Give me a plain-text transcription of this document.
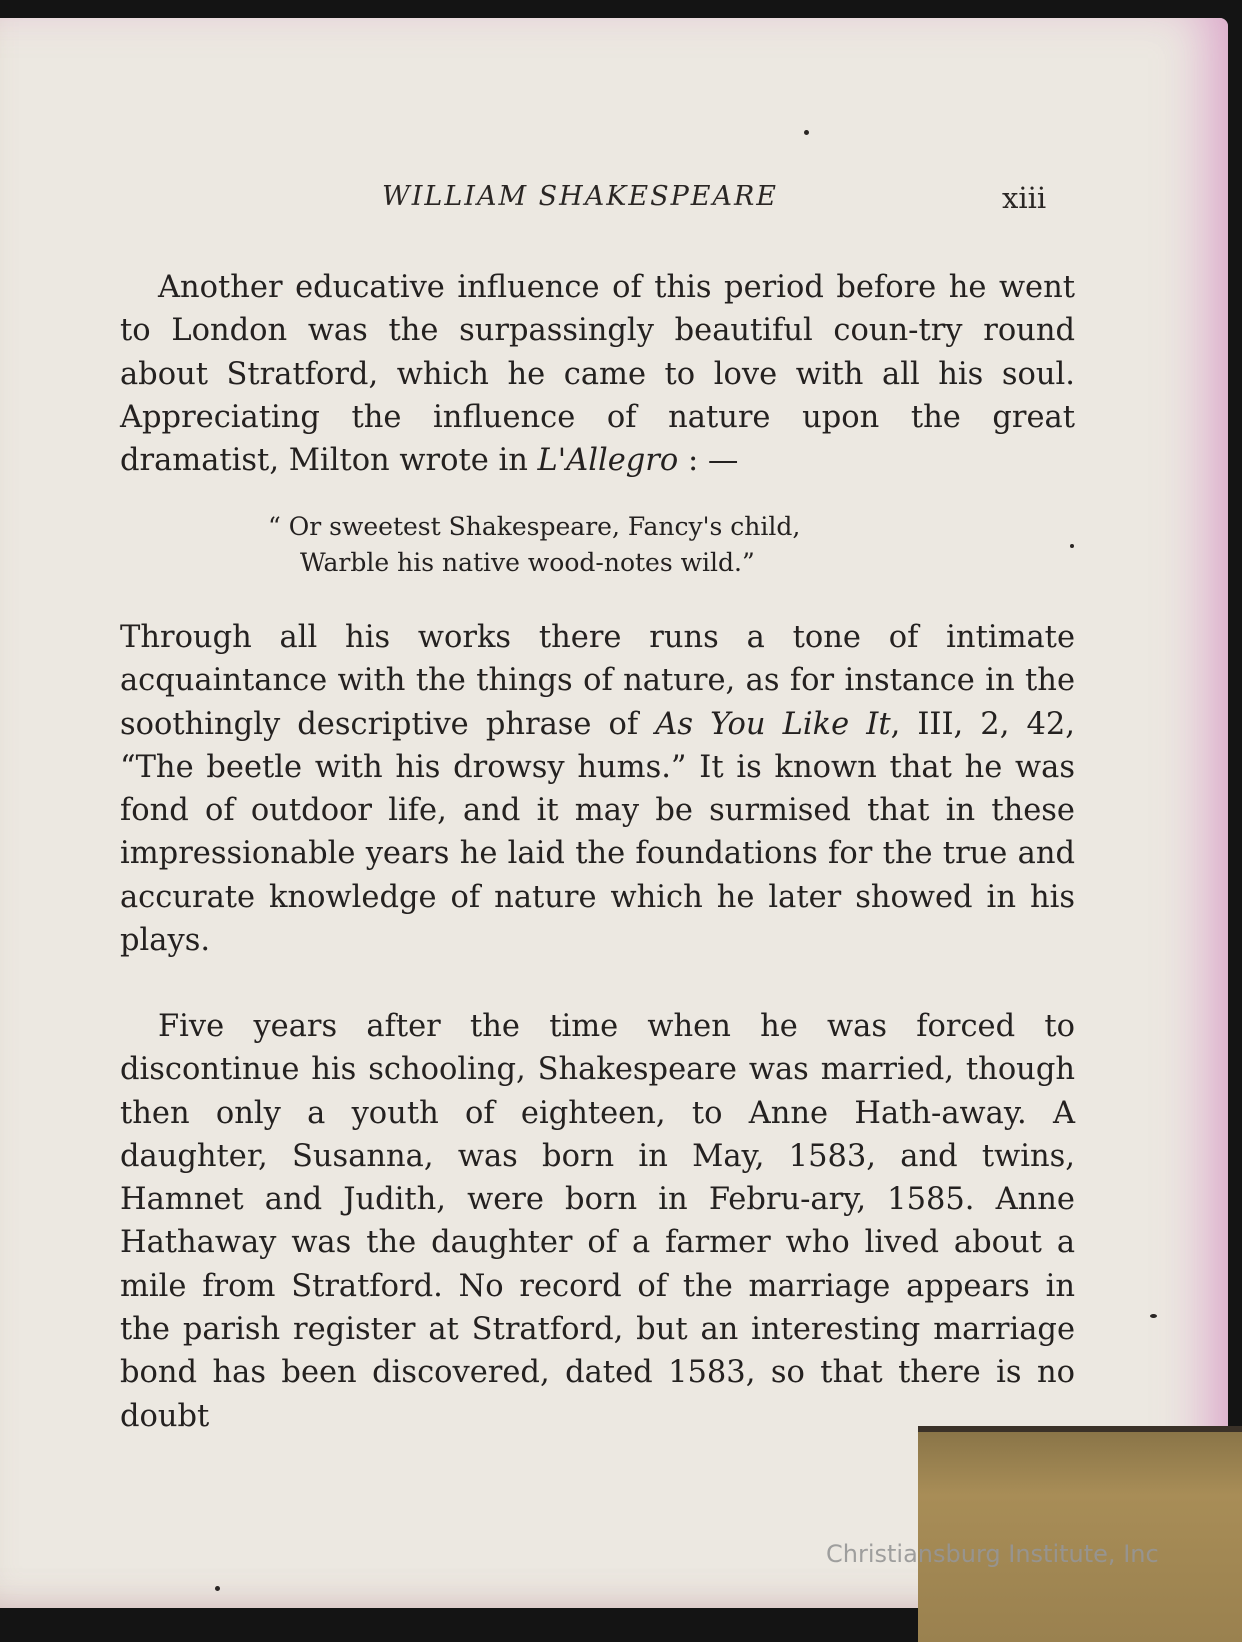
WILLIAM SHAKESPEARE	xiii

Another educative influence of this period before he went to London was the surpassingly beautiful coun-try round about Stratford, which he came to love with all his soul. Appreciating the influence of nature upon the great dramatist, Milton wrote in L'Allegro : —

“ Or sweetest Shakespeare, Fancy's child,
Warble his native wood-notes wild.”

Through all his works there runs a tone of intimate acquaintance with the things of nature, as for instance in the soothingly descriptive phrase of As You Like It, III, 2, 42, “The beetle with his drowsy hums.” It is known that he was fond of outdoor life, and it may be surmised that in these impressionable years he laid the foundations for the true and accurate knowledge of nature which he later showed in his plays.

Five years after the time when he was forced to discontinue his schooling, Shakespeare was married, though then only a youth of eighteen, to Anne Hath-away. A daughter, Susanna, was born in May, 1583, and twins, Hamnet and Judith, were born in Febru-ary, 1585. Anne Hathaway was the daughter of a farmer who lived about a mile from Stratford. No record of the marriage appears in the parish register at Stratford, but an interesting marriage bond has been discovered, dated 1583, so that there is no doubt

Christiansburg Institute, Inc
